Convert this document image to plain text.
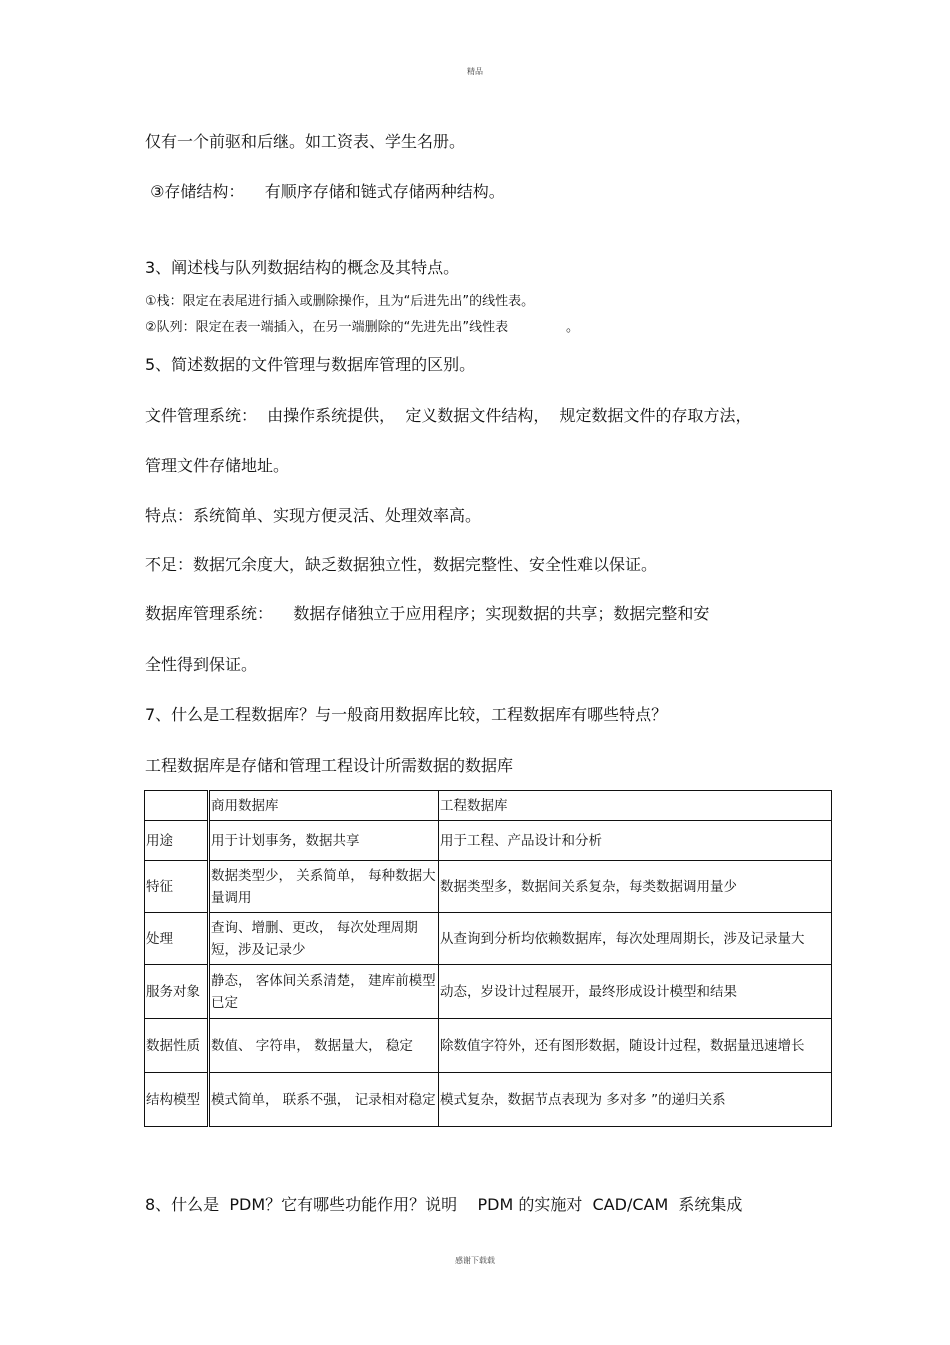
精品
仅有一个前驱和后继。如工资表、学生名册。
③存储结构：    有顺序存储和链式存储两种结构。
3、阐述栈与队列数据结构的概念及其特点。
①栈：限定在表尾进行插入或删除操作，且为“后进先出”的线性表。
②队列：限定在表一端插入，在另一端删除的“先进先出”线性表              。
5、简述数据的文件管理与数据库管理的区别。
文件管理系统：  由操作系统提供，  定义数据文件结构，  规定数据文件的存取方法，
管理文件存储地址。
特点：系统简单、实现方便灵活、处理效率高。
不足：数据冗余度大，缺乏数据独立性，数据完整性、安全性难以保证。
数据库管理系统：    数据存储独立于应用程序；实现数据的共享；数据完整和安
全性得到保证。
7、什么是工程数据库？与一般商用数据库比较，工程数据库有哪些特点？
工程数据库是存储和管理工程设计所需数据的数据库
	商用数据库	工程数据库
用途	用于计划事务，数据共享	用于工程、产品设计和分析
特征	数据类型少， 关系简单， 每种数据大量调用	数据类型多，数据间关系复杂，每类数据调用量少
处理	查询、增删、更改， 每次处理周期短，涉及记录少	从查询到分析均依赖数据库，每次处理周期长，涉及记录量大
服务对象	静态， 客体间关系清楚， 建库前模型已定	动态，岁设计过程展开，最终形成设计模型和结果
数据性质	数值、 字符串， 数据量大， 稳定	除数值字符外，还有图形数据，随设计过程，数据量迅速增长
结构模型	模式简单， 联系不强， 记录相对稳定	模式复杂，数据节点表现为 多对多 ”的递归关系
8、什么是  PDM？它有哪些功能作用？说明    PDM 的实施对  CAD/CAM  系统集成
感谢下载载
